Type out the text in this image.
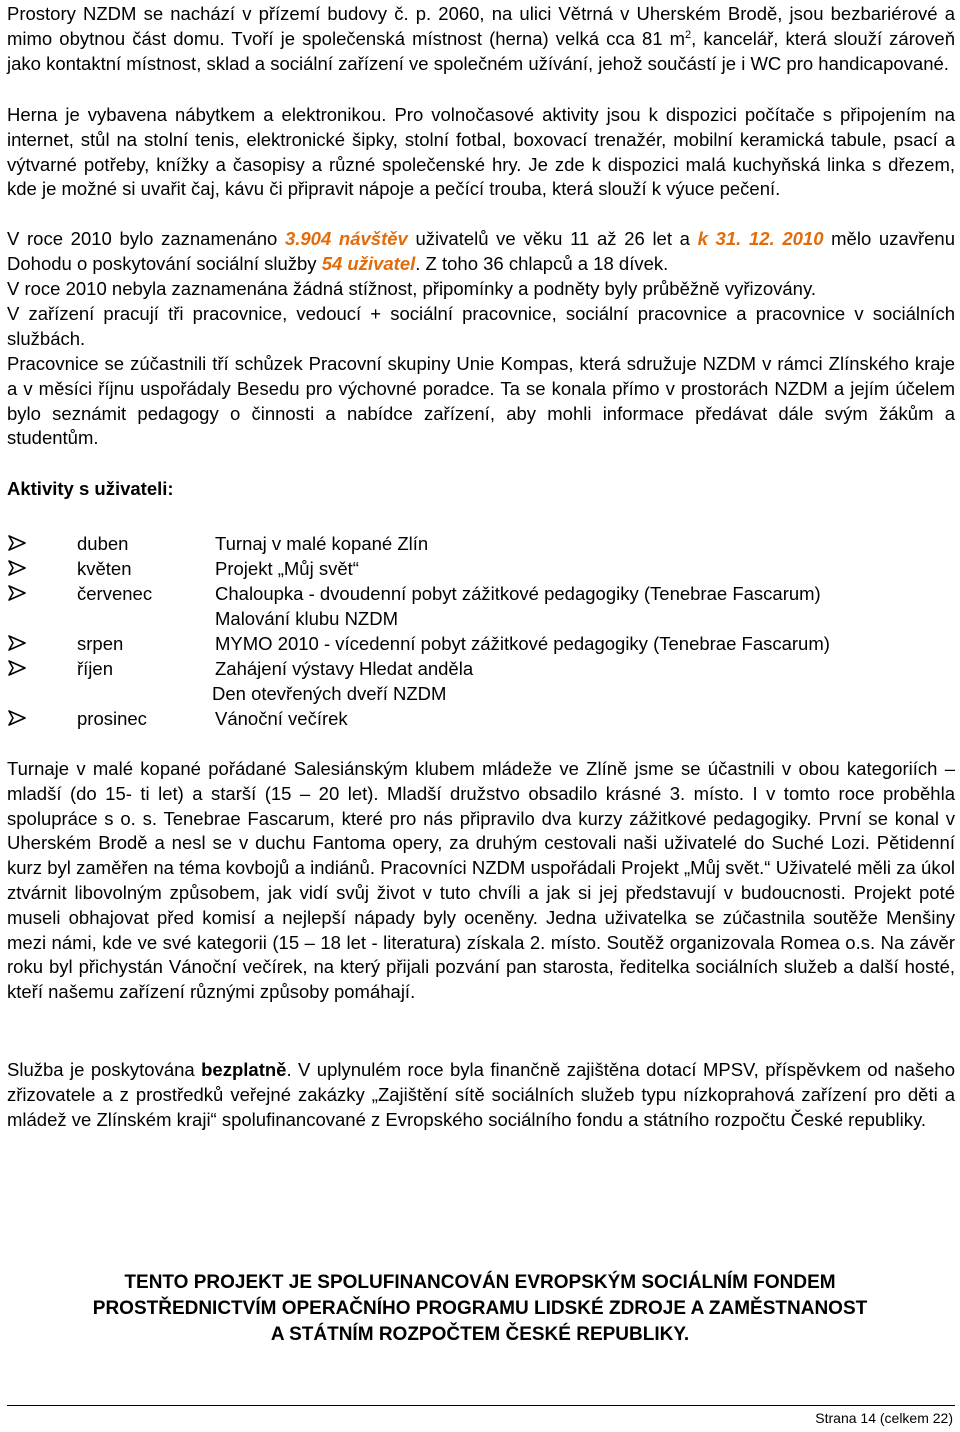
Prostory NZDM se nachází v přízemí budovy č. p. 2060, na ulici Větrná v Uherském Brodě, jsou bezbariérové a mimo obytnou část domu. Tvoří je společenská místnost (herna) velká cca 81 $m^2$, kancelář, která slouží zároveň jako kontaktní místnost, sklad a sociální zařízení ve společném užívání, jehož součástí je i WC pro handicapované.

Herna je vybavena nábytkem a elektronikou. Pro volnočasové aktivity jsou k dispozici počítače s připojením na internet, stůl na stolní tenis, elektronické šipky, stolní fotbal, boxovací trenažér, mobilní keramická tabule, psací a výtvarné potřeby, knížky a časopisy a různé společenské hry. Je zde k dispozici malá kuchyňská linka s dřezem, kde je možné si uvařit čaj, kávu či připravit nápoje a pečící trouba, která slouží k výuce pečení.

V roce 2010 bylo zaznamenáno 3.904 návštěv uživatelů ve věku 11 až 26 let a k 31. 12. 2010 mělo uzavřenu Dohodu o poskytování sociální služby 54 uživatel. Z toho 36 chlapců a 18 dívek.

V roce 2010 nebyla zaznamenána žádná stížnost, připomínky a podněty byly průběžně vyřizovány.

V zařízení pracují tři pracovnice, vedoucí + sociální pracovnice, sociální pracovnice a pracovnice v sociálních službách.

Pracovnice se zúčastnili tří schůzek Pracovní skupiny Unie Kompas, která sdružuje NZDM v rámci Zlínského kraje a v měsíci říjnu uspořádaly Besedu pro výchovné poradce. Ta se konala přímo v prostorách NZDM a jejím účelem bylo seznámit pedagogy o činnosti a nabídce zařízení, aby mohli informace předávat dále svým žákům a studentům.

Aktivity s uživateli:
duben	Turnaj v malé kopané Zlín
květen	Projekt „Můj svět“
červenec	Chaloupka - dvoudenní pobyt zážitkové pedagogiky (Tenebrae Fascarum)
Malování klubu NZDM
srpen	MYMO 2010 - vícedenní pobyt zážitkové pedagogiky (Tenebrae Fascarum)
říjen	Zahájení výstavy Hledat anděla
Den otevřených dveří NZDM
prosinec	Vánoční večírek

Turnaje v malé kopané pořádané Salesiánským klubem mládeže ve Zlíně jsme se účastnili v obou kategoriích – mladší (do 15- ti let) a starší (15 – 20 let). Mladší družstvo obsadilo krásné 3. místo. I v tomto roce proběhla spolupráce s o. s. Tenebrae Fascarum, které pro nás připravilo dva kurzy zážitkové pedagogiky. První se konal v Uherském Brodě a nesl se v duchu Fantoma opery, za druhým cestovali naši uživatelé do Suché Lozi. Pětidenní kurz byl zaměřen na téma kovbojů a indiánů. Pracovníci NZDM uspořádali Projekt „Můj svět.“ Uživatelé měli za úkol ztvárnit libovolným způsobem, jak vidí svůj život v tuto chvíli a jak si jej představují v budoucnosti. Projekt poté museli obhajovat před komisí a nejlepší nápady byly oceněny. Jedna uživatelka se zúčastnila soutěže Menšiny mezi námi, kde ve své kategorii (15 – 18 let - literatura) získala 2. místo. Soutěž organizovala Romea o.s. Na závěr roku byl přichystán Vánoční večírek, na který přijali pozvání pan starosta, ředitelka sociálních služeb a další hosté, kteří našemu zařízení různými způsoby pomáhají.

Služba je poskytována bezplatně. V uplynulém roce byla finančně zajištěna dotací MPSV, příspěvkem od našeho zřizovatele a z prostředků veřejné zakázky „Zajištění sítě sociálních služeb typu nízkoprahová zařízení pro děti a mládež ve Zlínském kraji“ spolufinancované z Evropského sociálního fondu a státního rozpočtu České republiky.

TENTO PROJEKT JE SPOLUFINANCOVÁN EVROPSKÝM SOCIÁLNÍM FONDEM
PROSTŘEDNICTVÍM OPERAČNÍHO PROGRAMU LIDSKÉ ZDROJE A ZAMĚSTNANOST
A STÁTNÍM ROZPOČTEM ČESKÉ REPUBLIKY.
Strana 14 (celkem 22)
